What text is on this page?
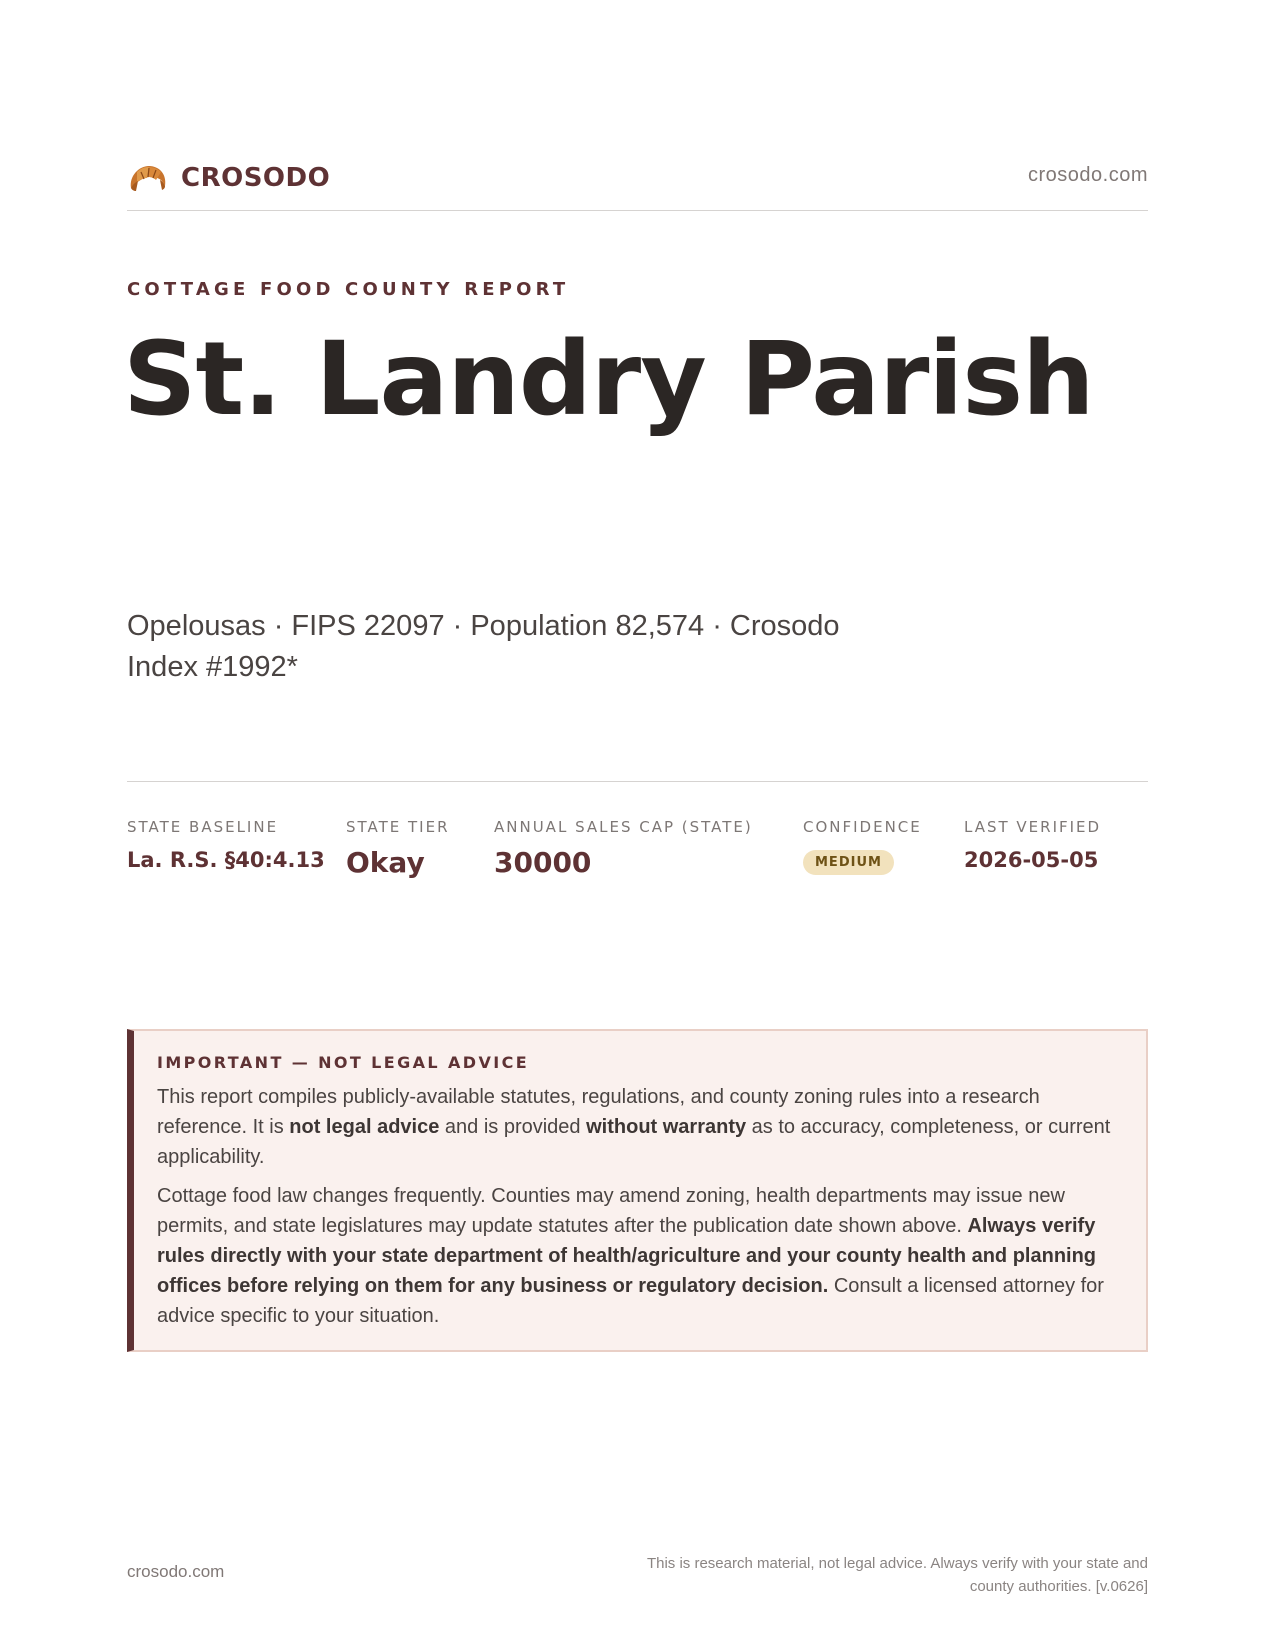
CROSODO	crosodo.com
COTTAGE FOOD COUNTY REPORT
St. Landry Parish
Opelousas · FIPS 22097 · Population 82,574 · Crosodo Index #1992*
STATE BASELINE
La. R.S. §40:4.13
STATE TIER
Okay
ANNUAL SALES CAP (STATE)
30000
CONFIDENCE
MEDIUM
LAST VERIFIED
2026-05-05
IMPORTANT — NOT LEGAL ADVICE

This report compiles publicly-available statutes, regulations, and county zoning rules into a research reference. It is not legal advice and is provided without warranty as to accuracy, completeness, or current applicability.

Cottage food law changes frequently. Counties may amend zoning, health departments may issue new permits, and state legislatures may update statutes after the publication date shown above. Always verify rules directly with your state department of health/agriculture and your county health and planning offices before relying on them for any business or regulatory decision. Consult a licensed attorney for advice specific to your situation.

crosodo.com	This is research material, not legal advice. Always verify with your state and county authorities. [v.0626]
